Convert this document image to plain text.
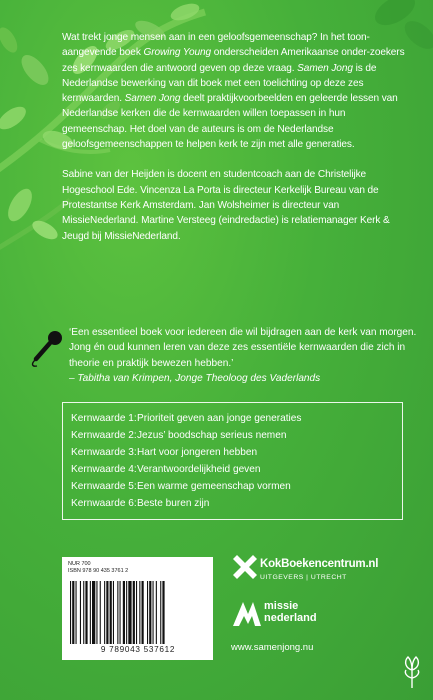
Wat trekt jonge mensen aan in een geloofsgemeenschap? In het toon-aangevende boek Growing Young onderscheiden Amerikaanse onder-zoekers zes kernwaarden die antwoord geven op deze vraag. Samen Jong is de Nederlandse bewerking van dit boek met een toelichting op deze zes kernwaarden. Samen Jong deelt praktijkvoorbeelden en geleerde lessen van Nederlandse kerken die de kernwaarden willen toepassen in hun gemeenschap. Het doel van de auteurs is om de Nederlandse geloofsgemeenschappen te helpen kerk te zijn met alle generaties.

Sabine van der Heijden is docent en studentcoach aan de Christelijke Hogeschool Ede. Vincenza La Porta is directeur Kerkelijk Bureau van de Protestantse Kerk Amsterdam. Jan Wolsheimer is directeur van MissieNederland. Martine Versteeg (eindredactie) is relatiemanager Kerk & Jeugd bij MissieNederland.

‘Een essentieel boek voor iedereen die wil bijdragen aan de kerk van morgen. Jong én oud kunnen leren van deze zes essentiële kernwaarden die zich in theorie en praktijk bewezen hebben.’
– Tabitha van Krimpen, Jonge Theoloog des Vaderlands
Kernwaarde 1:Prioriteit geven aan jonge generaties
Kernwaarde 2:Jezus’ boodschap serieus nemen
Kernwaarde 3:Hart voor jongeren hebben
Kernwaarde 4:Verantwoordelijkheid geven
Kernwaarde 5:Een warme gemeenschap vormen
Kernwaarde 6:Beste buren zijn
NUR 700
ISBN 978 90 435 3761 2
9 789043 537612
KokBoekencentrum.nl
UITGEVERS | UTRECHT
missie
nederland
www.samenjong.nu
